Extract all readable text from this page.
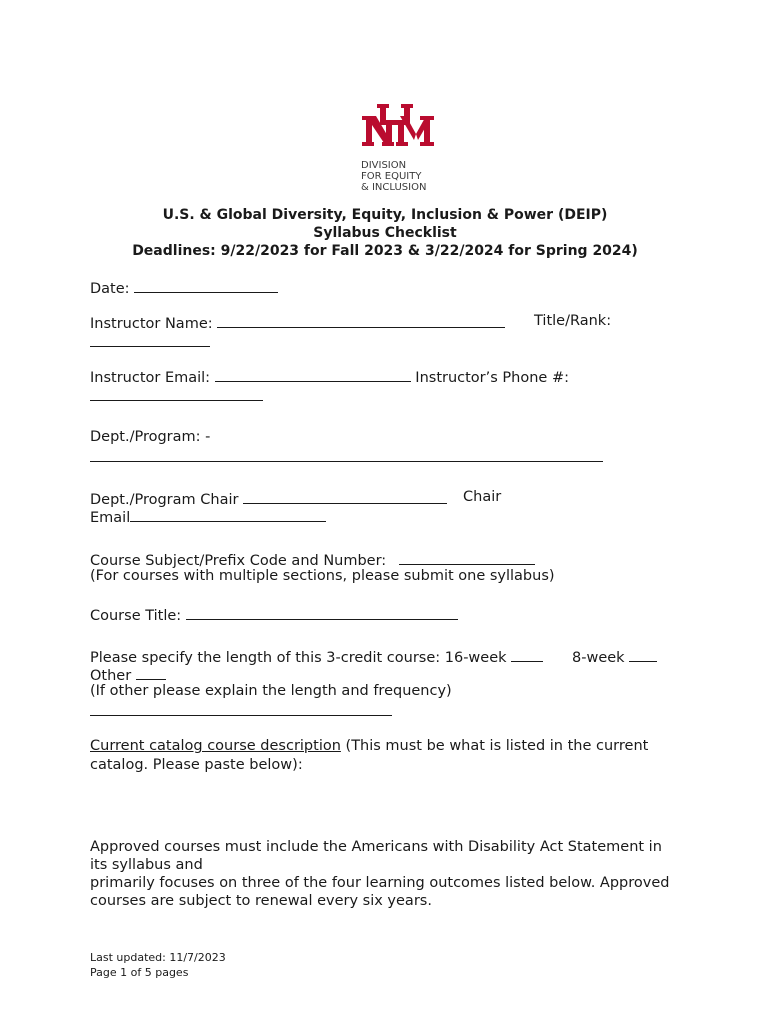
DIVISION
FOR EQUITY
& INCLUSION
U.S. & Global Diversity, Equity, Inclusion & Power (DEIP)
Syllabus Checklist
Deadlines: 9/22/2023 for Fall 2023 & 3/22/2024 for Spring 2024)
Date:
Instructor Name:	Title/Rank:
Instructor Email:	Instructor’s Phone #:
Dept./Program: -
Dept./Program Chair	Chair
Email
Course Subject/Prefix Code and Number:
(For courses with multiple sections, please submit one syllabus)
Course Title:
Please specify the length of this 3-credit course: 16-week	8-week
Other
(If other please explain the length and frequency)
Current catalog course description (This must be what is listed in the current
catalog. Please paste below):
Approved courses must include the Americans with Disability Act Statement in
its syllabus and
primarily focuses on three of the four learning outcomes listed below. Approved
courses are subject to renewal every six years.
Last updated: 11/7/2023
Page 1 of 5 pages
